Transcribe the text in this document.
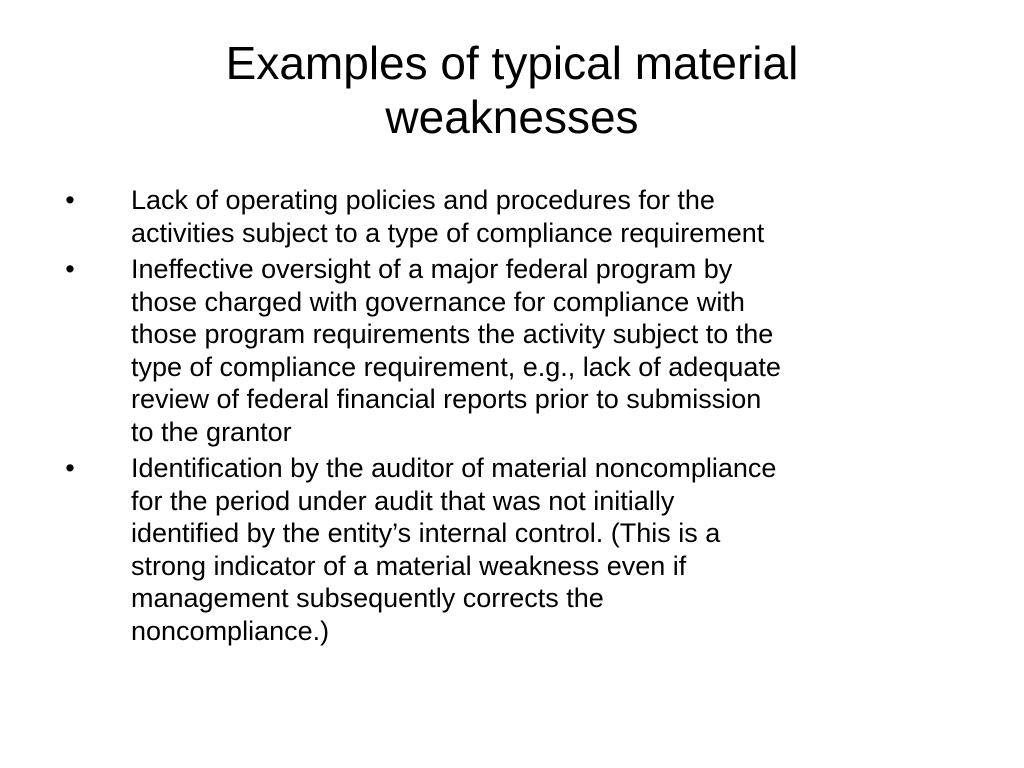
Examples of typical material
weaknesses
• Lack of operating policies and procedures for the
activities subject to a type of compliance requirement
• Ineffective oversight of a major federal program by
those charged with governance for compliance with
those program requirements the activity subject to the
type of compliance requirement, e.g., lack of adequate
review of federal financial reports prior to submission
to the grantor
• Identification by the auditor of material noncompliance
for the period under audit that was not initially
identified by the entity’s internal control. (This is a
strong indicator of a material weakness even if
management subsequently corrects the
noncompliance.)
